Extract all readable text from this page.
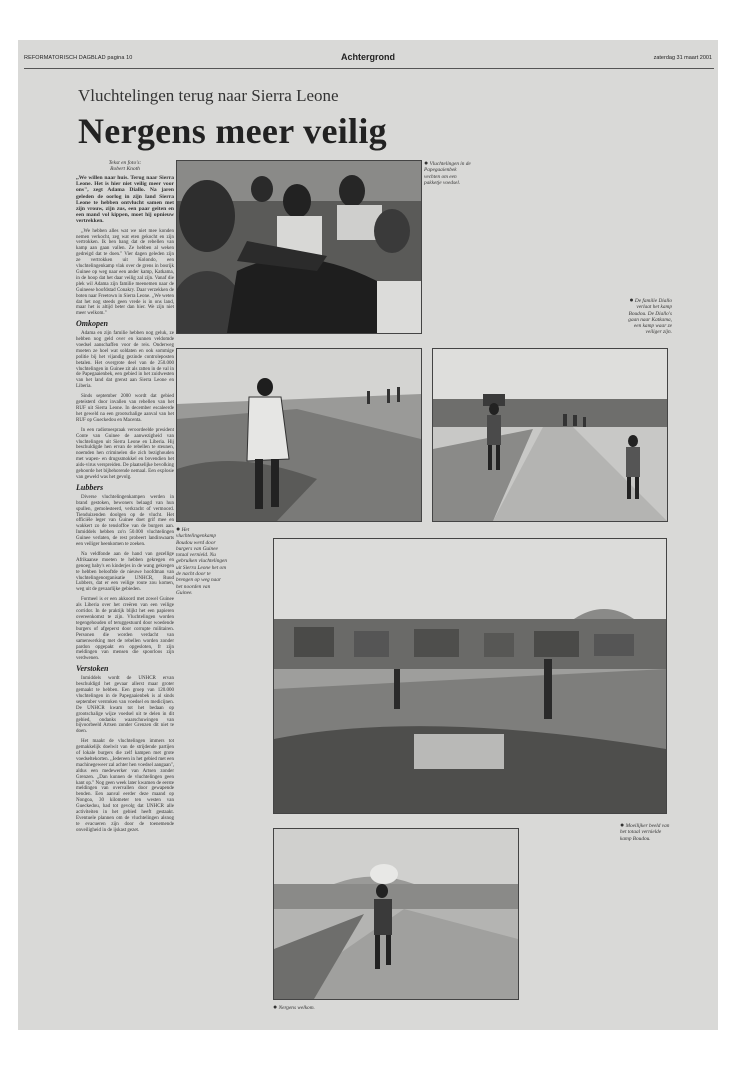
REFORMATORISCH DAGBLAD pagina 10	Achtergrond	zaterdag 31 maart 2001
Vluchtelingen terug naar Sierra Leone
Nergens meer veilig
Tekst en foto's:
Robert Knoth
,,We willen naar huis. Terug naar Sierra Leone. Het is hier niet veilig meer voor ons", zegt Adama Diallo. Na jaren geleden de oorlog in zijn land Sierra Leone te hebben ontvlucht samen met zijn vrouw, zijn zus, een paar geiten en een mand vol kippen, moet hij opnieuw vertrekken.

,,We hebben alles wat we niet mee konden nemen verkocht, zeg wat eten gekocht en zijn vertrokken. Ik ben bang dat de rebellen van kamp aan gaan vallen. Ze hebben al weken gedreigd dat te doen." Vier dagen geleden zijn ze vertrokken uit Kolondo, een vluchtelingenkamp vlak over de grens in bosrijk Guinee op weg naar een ander kamp, Katkama, in de hoop dat het daar veilig zal zijn. Vanaf die plek wil Adama zijn familie meenemen naar de Guineese hoofdstad Conakry. Daar verzekken de boten naar Freetown in Sierra Leone. ,,We weten dat het nog steeds geen vrede is in ons land, maar het is altijd beter dan hier. We zijn niet meer welkom."

Omkopen

Adama en zijn familie hebben nog geluk, ze hebben nog geld over en kunnen veldomde voedsel aanschaffen voor de reis. Onderweg moeten ze hoel wat soldaten en ook sommige politie bij het vijandig gezinde controleposten betalen. Het overgrote deel van de 250.000 vluchtelingen in Guinee zit als ratten in de val in de Papegaaienbek, een gebied in het zuidwesten van het land dat grenst aan Sierra Leone en Liberia.

Sinds september 2000 wordt dat gebied geteisterd door invallen van rebellen van het RUF uit Sierra Leone. In december escaleerde het geweld na een grootschalige aanval van het RUF op Gueckedou en Macenta.

In een radiotoespraak veroordeelde president Conte van Guinee de aanwezigheid van vluchtelingen uit Sierra Leone en Liberia. Hij beschuldigde hen ervan de rebellen te steunen, noemden hen criminelen die zich bezighouden met wapen- en drugssmokkel en bovendien het aids-virus verspreiden. De plaatselijke bevolking gehoorde het bijbehorende nemaal. Een explosie van geweld was het gevolg.

Lubbers

Diverse vluchtelingenkampen werden in brand gestoken, bewoners belaagd van hun spullen, gemolesteerd, verkracht of vermoord. Tienduizenden doolgen op de vlucht. Het officiële leger van Guinee doet grif mee en wakkert zo de tensloffoe van de burgers aan. Inmiddels hebben zo'n 50.000 vluchtelingen Guinee verlaten, de rest probeert landinwaarts een veiliger heenkomen te zoeken.

Na veldfonde aan de hand van gezellige Afrikaanse moeten te hebben gekregen en genoeg baby's en kinderjes in de wang gekregen te hebben belooftde de nieuwe hoofdman van vluchtelingenorganisatie UNHCR, Ruud Lubbers, dat er een veilige route zou komen, weg uit de gevaarlijke gebieden.

Formeel is er een akkoord met zowel Guinee als Liberia over het creëren van een veilige corridor. In de praktijk blijkt het een papieren overeenkomst te zijn. Vluchtelingen worden tegengehouden of teruggestuurd door woedende burgers of afgeperst door corrupte militairen. Personen die worden verdacht van samenwerking met de rebellen worden zonder pardon opgepakt en opgesloten, fr zijn meldingen van mensen die spoorloos zijn verdwenen.

Verstoken

Inmiddels wordt de UNHCR ervan beschuldigd het gevaar allerst maar groter gemaakt te hebben. Een groep van 120.000 vluchtelingen in de Papegaaienbek is al sinds september verstoken van voedsel en medicijnen. De UNHCR kwam tot het bedaan op grootschalige wijze voedsel uit te delen in dit gebied, ondanks waarschuwingen van bijvoorbeeld Artsen zonder Grenzen dit niet te doen.

Het maakt de vluchtelingen immers tot gemakkelijk doelwit van de strijdende partijen of lokale burgers die zelf kampen met grote voedseltekorten. ,,Iedereen in het gebied met een machinegeweer zal achter hen voedsel aangaan", aldus een medewerker van Artsen zonder Grenzen. ,,Dan kunnen de vluchtelingen geen kant op." Nog geen week later kwamen de eerste meldingen van overvallen door gewapende benden. Een aanval eerder deze maand op Nongoa, 30 kilometer ten westen van Gueckedou, had tot gevolg dat UNHCR alle activiteiten in het gebied heeft gestaakt. Eventuele plannen om de vluchtelingen alsnog te evacueren zijn door de toenemende onveiligheid in de ijskast gezet.

● Vluchtelingen in de Papegaaienbek vechten om een pakketje voedsel.
● De familie Diallo verlaat het kamp Boudou. De Diallo's gaan naar Katkama, een kamp waar ze veiliger zijn.
● Het vluchtelingenkamp Boudou werd door burgers van Guinee totaal vernield. Nu gebruiken vluchtelingen uit Sierra Leone het om de nacht door te brengen op weg naar het noorden van Guinee.
● Moeilijker beeld van het totaal vernielde kamp Boudou.
● Nergens welkom.
